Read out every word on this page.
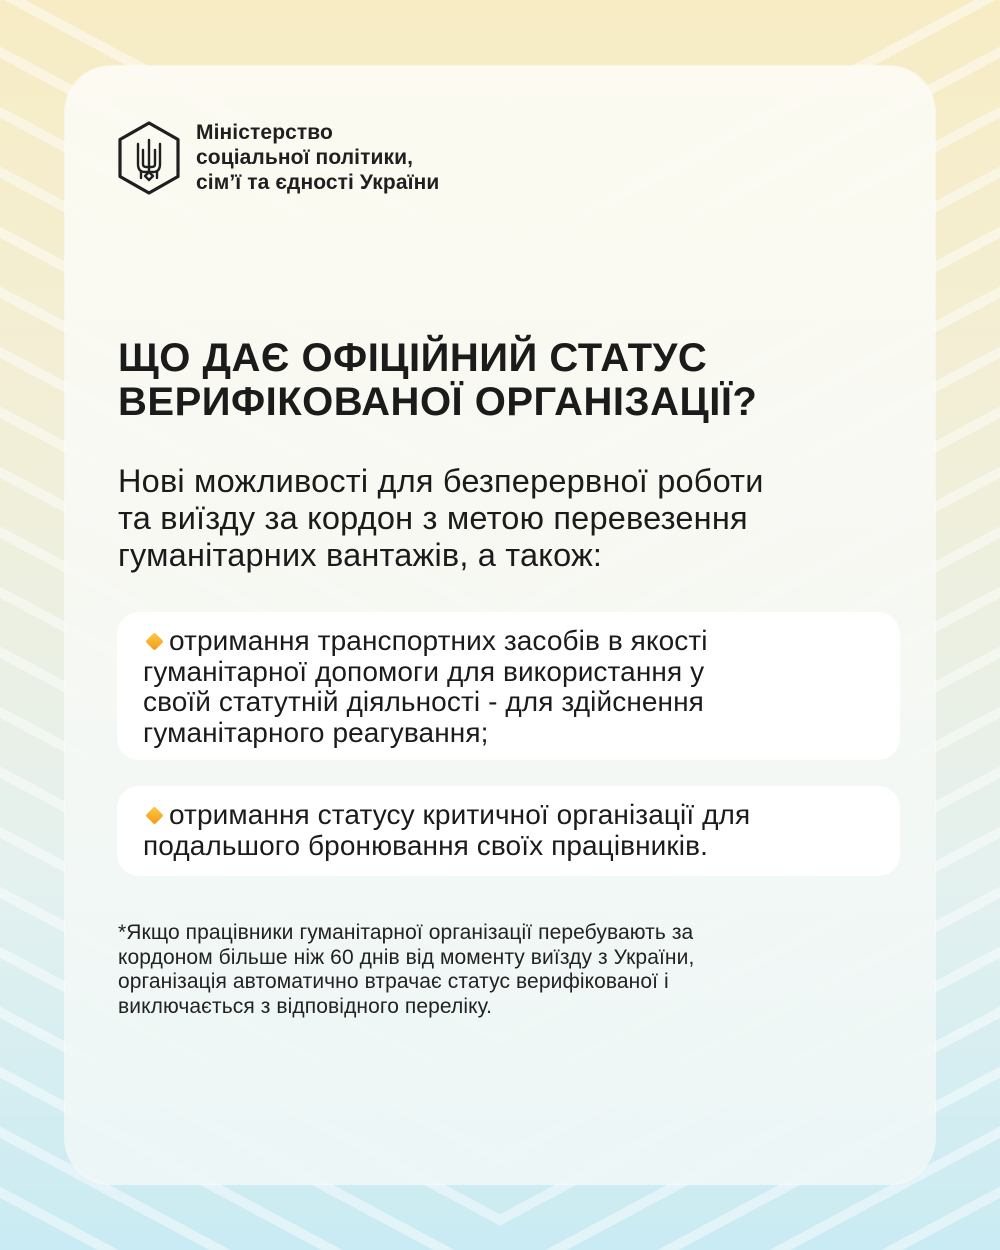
Міністерство
соціальної політики,
сім’ї та єдності України
ЩО ДАЄ ОФІЦІЙНИЙ СТАТУС
ВЕРИФІКОВАНОЇ ОРГАНІЗАЦІЇ?
Нові можливості для безперервної роботи
та виїзду за кордон з метою перевезення
гуманітарних вантажів, а також:
отримання транспортних засобів в якості
гуманітарної допомоги для використання у
своїй статутній діяльності - для здійснення
гуманітарного реагування;
отримання статусу критичної організації для
подальшого бронювання своїх працівників.
*Якщо працівники гуманітарної організації перебувають за
кордоном більше ніж 60 днів від моменту виїзду з України,
організація автоматично втрачає статус верифікованої і
виключається з відповідного переліку.
